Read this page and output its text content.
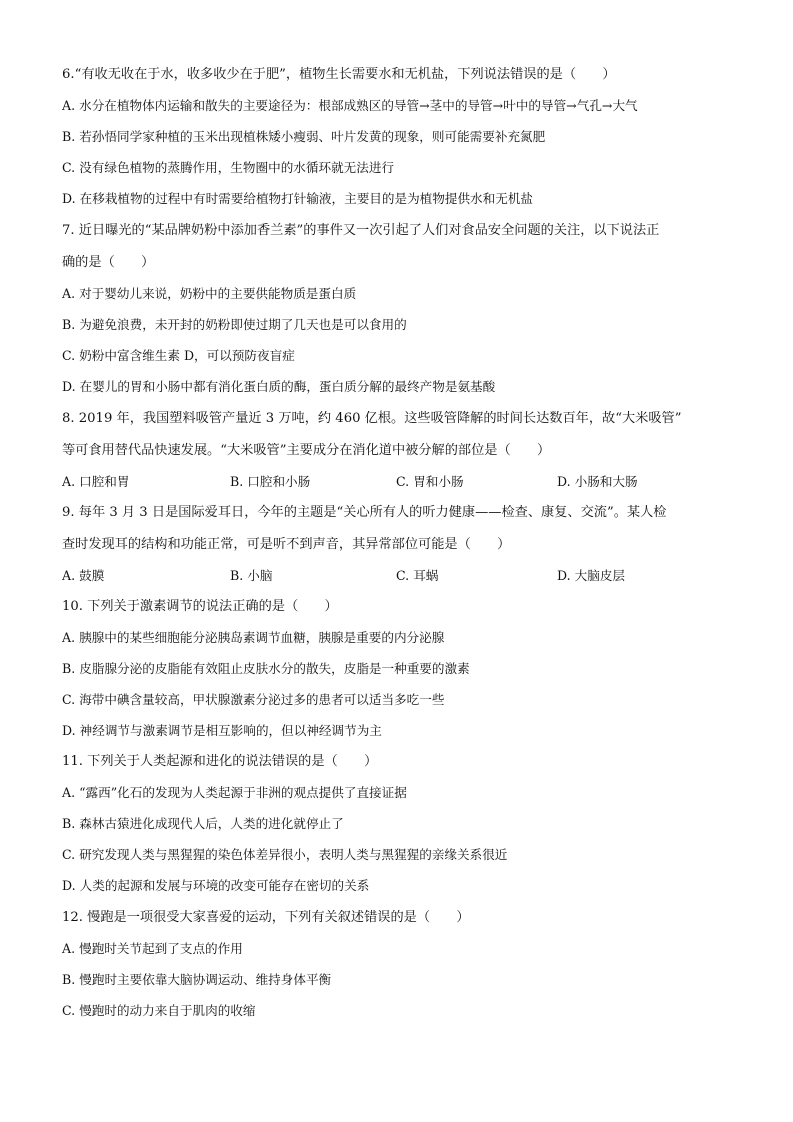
6.“有收无收在于水，收多收少在于肥”，植物生长需要水和无机盐，下列说法错误的是（　　）
A. 水分在植物体内运输和散失的主要途径为：根部成熟区的导管→茎中的导管→叶中的导管→气孔→大气
B. 若孙悟同学家种植的玉米出现植株矮小瘦弱、叶片发黄的现象，则可能需要补充氮肥
C. 没有绿色植物的蒸腾作用，生物圈中的水循环就无法进行
D. 在移栽植物的过程中有时需要给植物打针输液，主要目的是为植物提供水和无机盐
7. 近日曝光的“某品牌奶粉中添加香兰素”的事件又一次引起了人们对食品安全问题的关注，以下说法正
确的是（　　）
A. 对于婴幼儿来说，奶粉中的主要供能物质是蛋白质
B. 为避免浪费，未开封的奶粉即使过期了几天也是可以食用的
C. 奶粉中富含维生素 D，可以预防夜盲症
D. 在婴儿的胃和小肠中都有消化蛋白质的酶，蛋白质分解的最终产物是氨基酸
8. 2019 年，我国塑料吸管产量近 3 万吨，约 460 亿根。这些吸管降解的时间长达数百年，故“大米吸管”
等可食用替代品快速发展。“大米吸管”主要成分在消化道中被分解的部位是（　　）
A. 口腔和胃	B. 口腔和小肠	C. 胃和小肠	D. 小肠和大肠
9. 每年 3 月 3 日是国际爱耳日，今年的主题是“关心所有人的听力健康——检查、康复、交流”。某人检
查时发现耳的结构和功能正常，可是听不到声音，其异常部位可能是（　　）
A. 鼓膜	B. 小脑	C. 耳蜗	D. 大脑皮层
10. 下列关于激素调节的说法正确的是（　　）
A. 胰腺中的某些细胞能分泌胰岛素调节血糖，胰腺是重要的内分泌腺
B. 皮脂腺分泌的皮脂能有效阻止皮肤水分的散失，皮脂是一种重要的激素
C. 海带中碘含量较高，甲状腺激素分泌过多的患者可以适当多吃一些
D. 神经调节与激素调节是相互影响的，但以神经调节为主
11. 下列关于人类起源和进化的说法错误的是（　　）
A. “露西”化石的发现为人类起源于非洲的观点提供了直接证据
B. 森林古猿进化成现代人后，人类的进化就停止了
C. 研究发现人类与黑猩猩的染色体差异很小，表明人类与黑猩猩的亲缘关系很近
D. 人类的起源和发展与环境的改变可能存在密切的关系
12. 慢跑是一项很受大家喜爱的运动，下列有关叙述错误的是（　　）
A. 慢跑时关节起到了支点的作用
B. 慢跑时主要依靠大脑协调运动、维持身体平衡
C. 慢跑时的动力来自于肌肉的收缩
